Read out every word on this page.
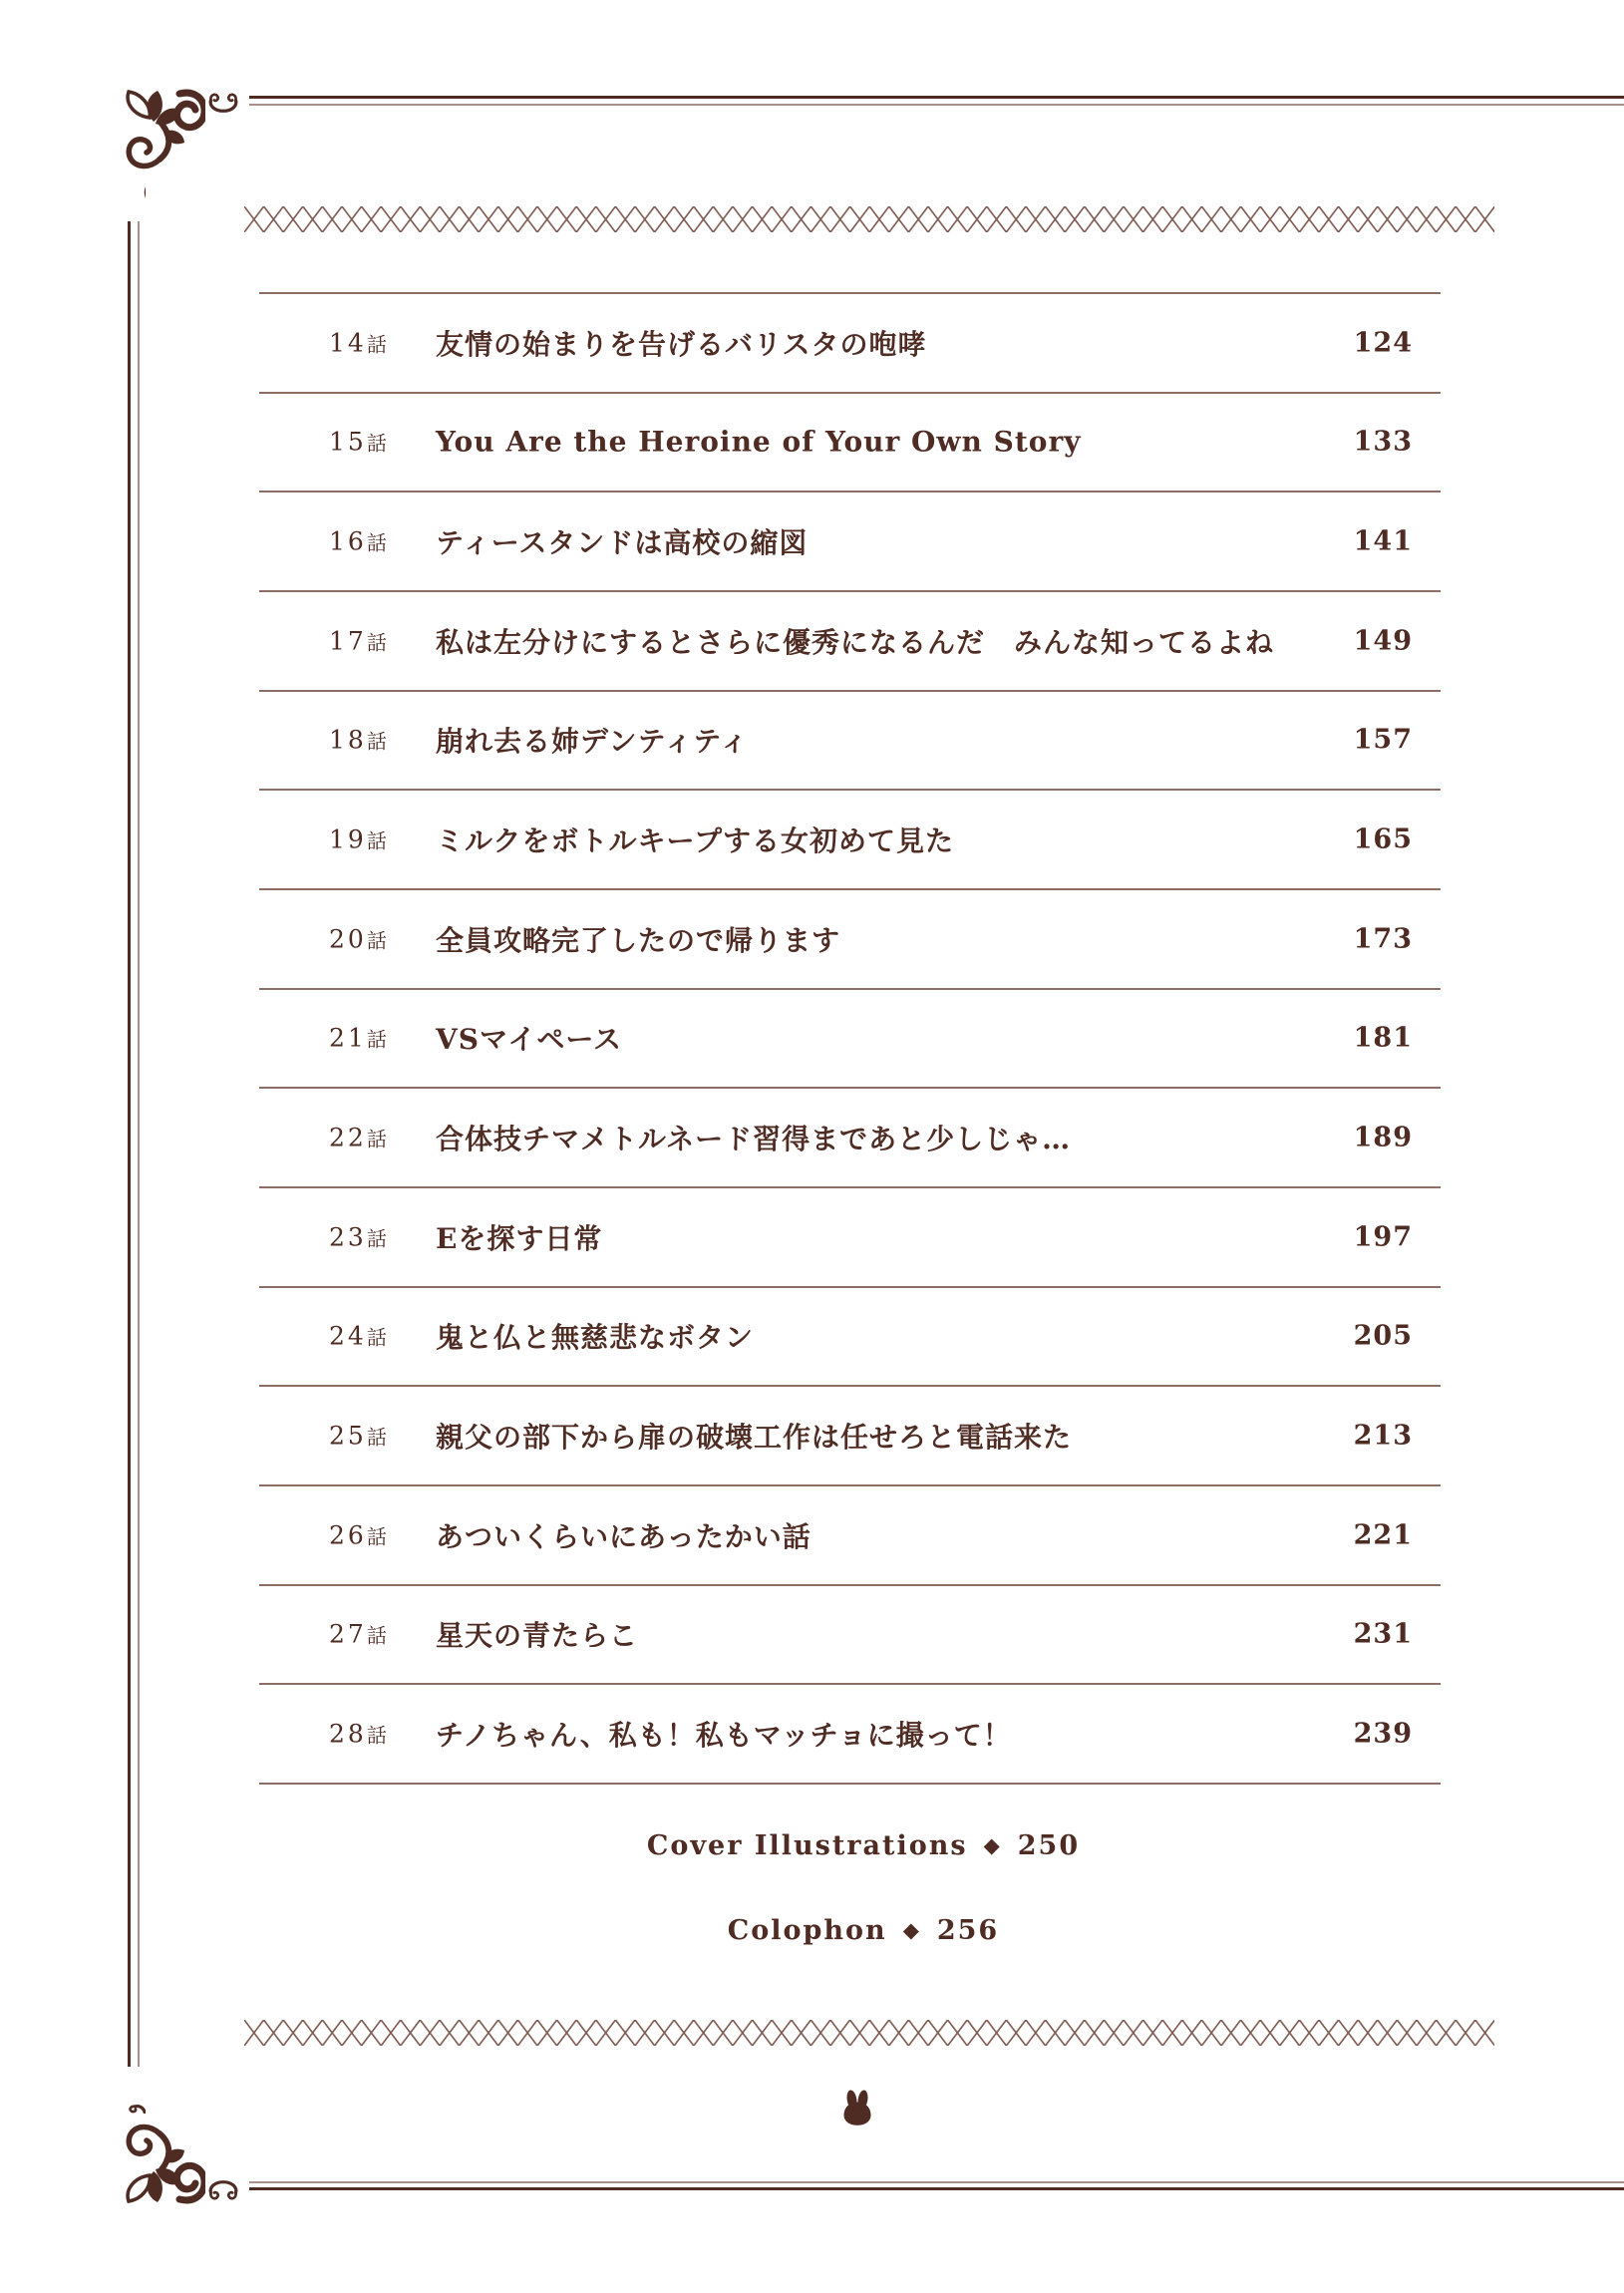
14話 友情の始まりを告げるバリスタの咆哮	124
15話 You Are the Heroine of Your Own Story	133
16話 ティースタンドは高校の縮図	141
17話 私は左分けにするとさらに優秀になるんだ　みんな知ってるよね	149
18話 崩れ去る姉デンティティ	157
19話 ミルクをボトルキープする女初めて見た	165
20話 全員攻略完了したので帰ります	173
21話 VSマイペース	181
22話 合体技チマメトルネード習得まであと少しじゃ…	189
23話 Eを探す日常	197
24話 鬼と仏と無慈悲なボタン	205
25話 親父の部下から扉の破壊工作は任せろと電話来た	213
26話 あついくらいにあったかい話	221
27話 星天の青たらこ	231
28話 チノちゃん、私も！私もマッチョに撮って！	239
Cover Illustrations ◆ 250
Colophon ◆ 256
